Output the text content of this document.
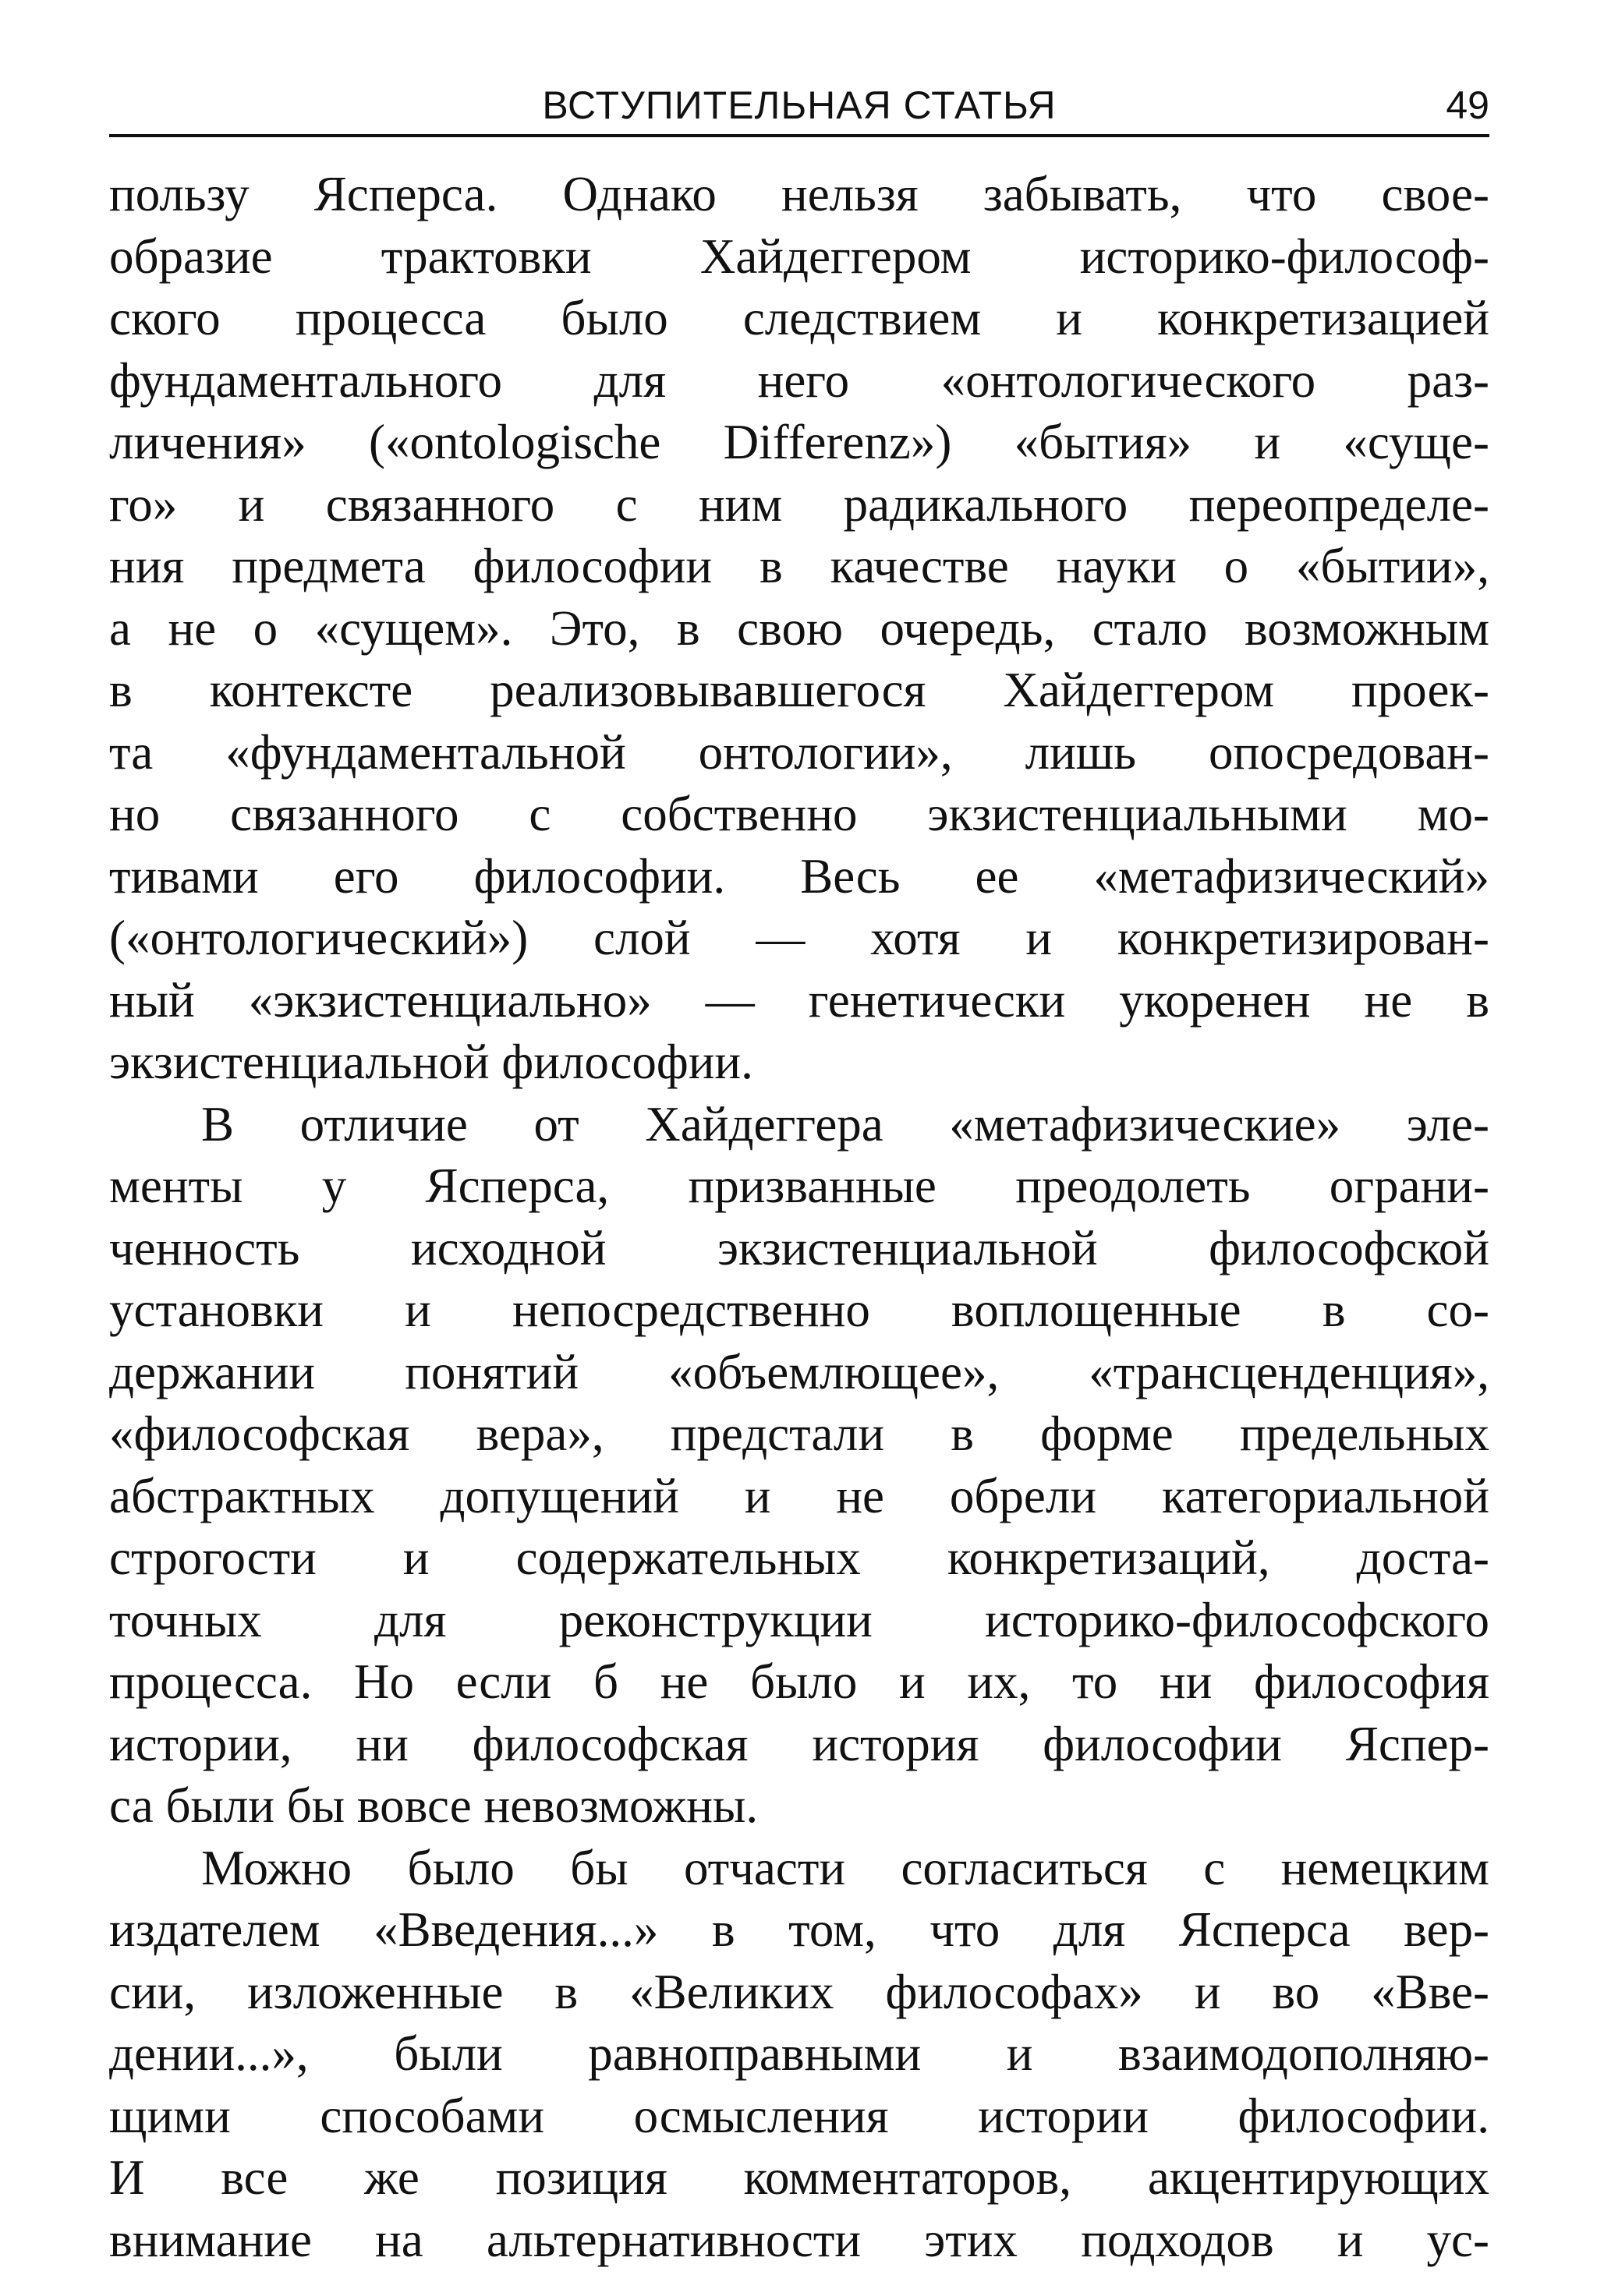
ВСТУПИТЕЛЬНАЯ СТАТЬЯ	49

пользу Ясперса. Однако нельзя забывать, что свое-
образие трактовки Хайдеггером историко-философ-
ского процесса было следствием и конкретизацией
фундаментального для него «онтологического раз-
личения» («ontologische Differenz») «бытия» и «суще-
го» и связанного с ним радикального переопределе-
ния предмета философии в качестве науки о «бытии»,
а не о «сущем». Это, в свою очередь, стало возможным
в контексте реализовывавшегося Хайдеггером проек-
та «фундаментальной онтологии», лишь опосредован-
но связанного с собственно экзистенциальными мо-
тивами его философии. Весь ее «метафизический»
(«онтологический») слой — хотя и конкретизирован-
ный «экзистенциально» — генетически укоренен не в
экзистенциальной философии.

В отличие от Хайдеггера «метафизические» эле-
менты у Ясперса, призванные преодолеть ограни-
ченность исходной экзистенциальной философской
установки и непосредственно воплощенные в со-
держании понятий «объемлющее», «трансценденция»,
«философская вера», предстали в форме предельных
абстрактных допущений и не обрели категориальной
строгости и содержательных конкретизаций, доста-
точных для реконструкции историко-философского
процесса. Но если б не было и их, то ни философия
истории, ни философская история философии Яспер-
са были бы вовсе невозможны.

Можно было бы отчасти согласиться с немецким
издателем «Введения...» в том, что для Ясперса вер-
сии, изложенные в «Великих философах» и во «Вве-
дении...», были равноправными и взаимодополняю-
щими способами осмысления истории философии.
И все же позиция комментаторов, акцентирующих
внимание на альтернативности этих подходов и ус-
